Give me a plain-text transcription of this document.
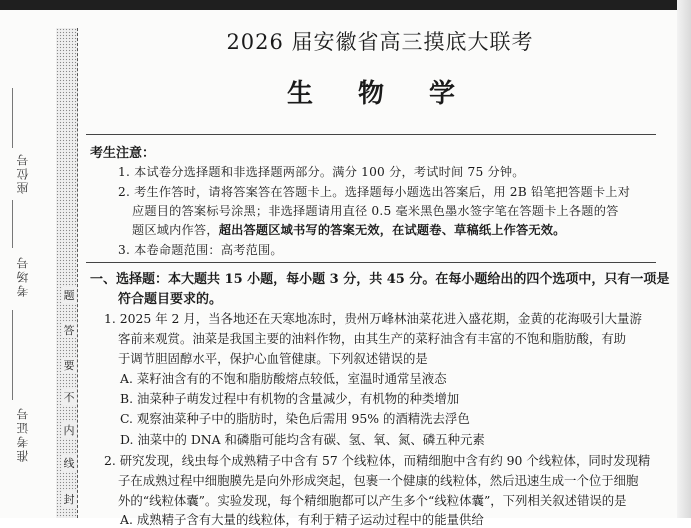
座位号
考场号
准考证号
题
答
要
不
内
线
封
2026 届安徽省高三摸底大联考
生 物 学
考生注意：
1. 本试卷分选择题和非选择题两部分。满分 100 分，考试时间 75 分钟。
2. 考生作答时，请将答案答在答题卡上。选择题每小题选出答案后，用 2B 铅笔把答题卡上对
应题目的答案标号涂黑；非选择题请用直径 0.5 毫米黑色墨水签字笔在答题卡上各题的答
题区域内作答，超出答题区域书写的答案无效，在试题卷、草稿纸上作答无效。
3. 本卷命题范围：高考范围。
一、选择题：本大题共 15 小题，每小题 3 分，共 45 分。在每小题给出的四个选项中，只有一项是
符合题目要求的。
1. 2025 年 2 月，当各地还在天寒地冻时，贵州万峰林油菜花进入盛花期，金黄的花海吸引大量游
客前来观赏。油菜是我国主要的油料作物，由其生产的菜籽油含有丰富的不饱和脂肪酸，有助
于调节胆固醇水平，保护心血管健康。下列叙述错误的是
A. 菜籽油含有的不饱和脂肪酸熔点较低，室温时通常呈液态
B. 油菜种子萌发过程中有机物的含量减少，有机物的种类增加
C. 观察油菜种子中的脂肪时，染色后需用 95% 的酒精洗去浮色
D. 油菜中的 DNA 和磷脂可能均含有碳、氢、氧、氮、磷五种元素
2. 研究发现，线虫每个成熟精子中含有 57 个线粒体，而精细胞中含有约 90 个线粒体，同时发现精
子在成熟过程中细胞膜先是向外形成突起，包裹一个健康的线粒体，然后迅速生成一个位于细胞
外的“线粒体囊”。实验发现，每个精细胞都可以产生多个“线粒体囊”，下列相关叙述错误的是
A. 成熟精子含有大量的线粒体，有利于精子运动过程中的能量供给
